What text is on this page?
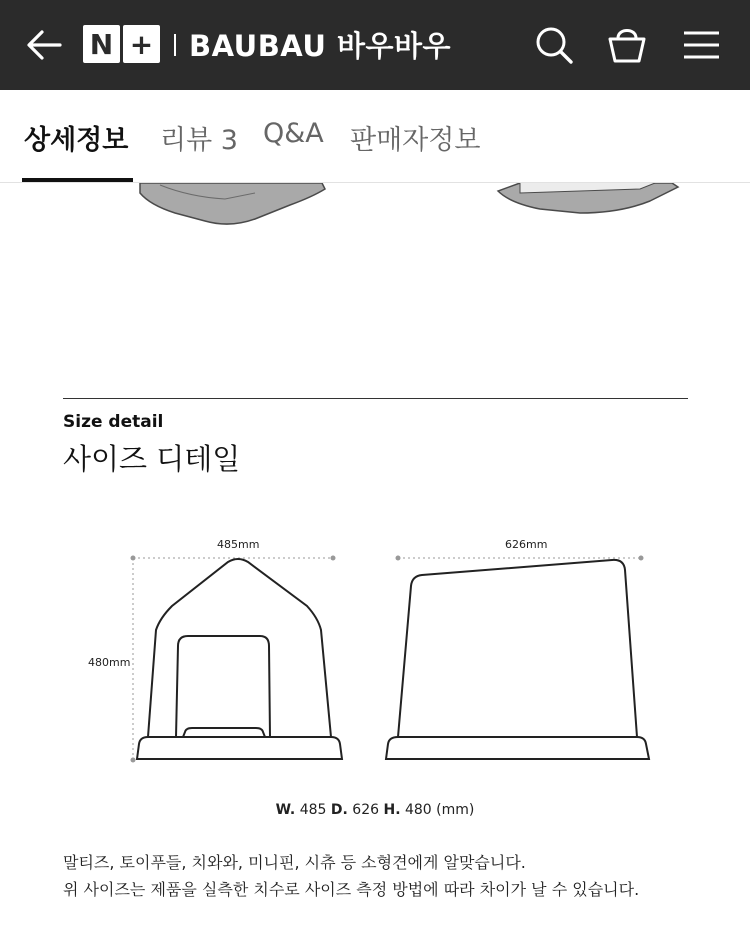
N + BAUBAU 바우바우
상세정보 리뷰 3 Q&A 판매자정보
Size detail
사이즈 디테일
485mm
480mm
626mm
W. 485 D. 626 H. 480 (mm)
말티즈, 토이푸들, 치와와, 미니핀, 시츄 등 소형견에게 알맞습니다.
위 사이즈는 제품을 실측한 치수로 사이즈 측정 방법에 따라 차이가 날 수 있습니다.
